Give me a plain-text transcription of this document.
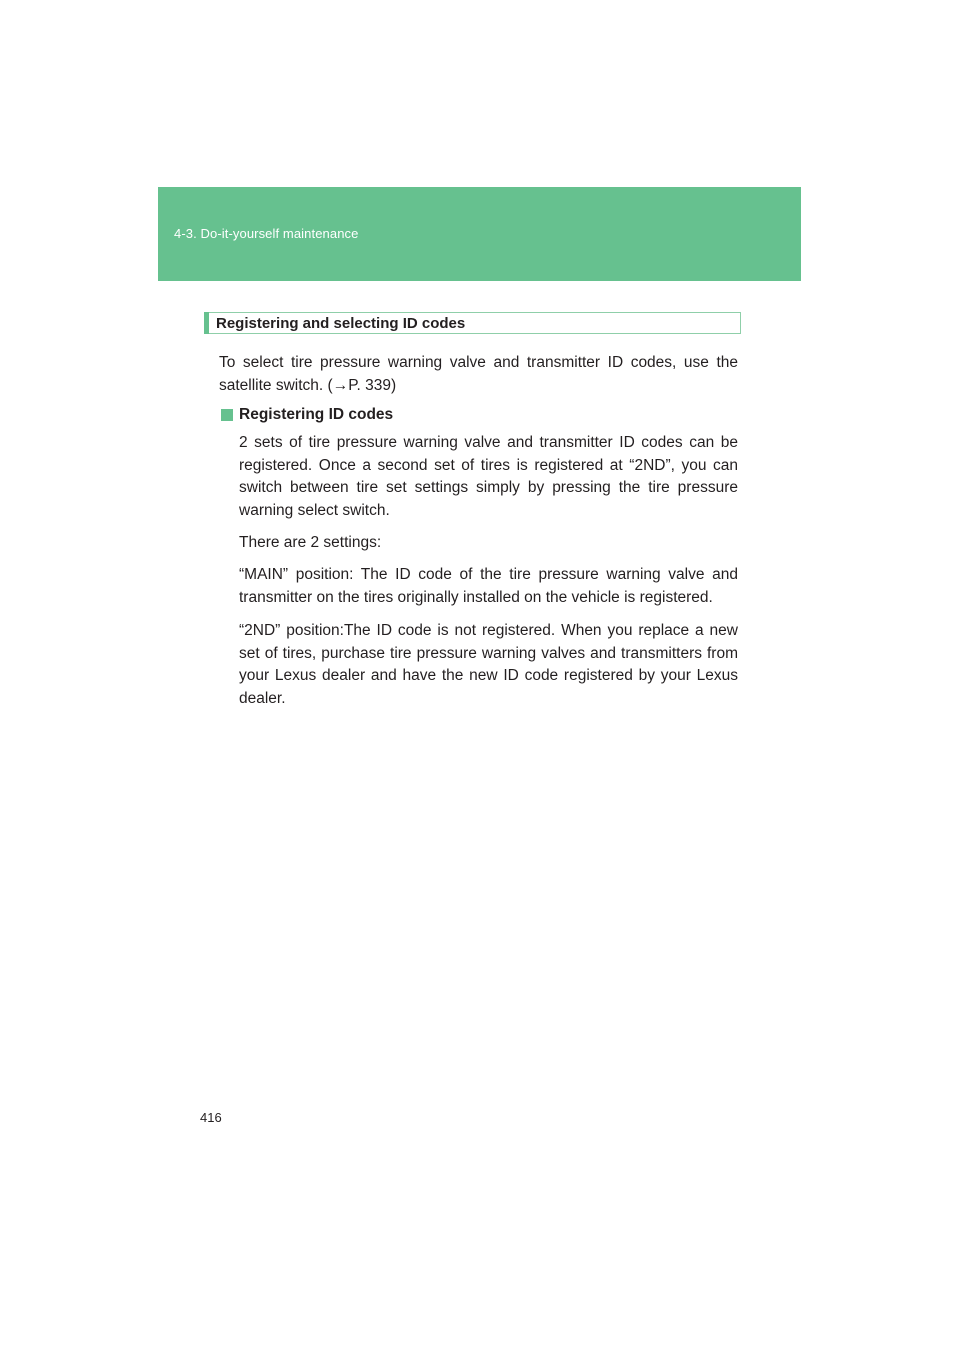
4-3. Do-it-yourself maintenance
Registering and selecting ID codes
To select tire pressure warning valve and transmitter ID codes, use the satellite switch. (→P. 339)
Registering ID codes
2 sets of tire pressure warning valve and transmitter ID codes can be registered. Once a second set of tires is registered at “2ND”, you can switch between tire set settings simply by pressing the tire pressure warning select switch.
There are 2 settings:
“MAIN” position: The ID code of the tire pressure warning valve and transmitter on the tires originally installed on the vehicle is registered.
“2ND” position:The ID code is not registered. When you replace a new set of tires, purchase tire pressure warning valves and transmitters from your Lexus dealer and have the new ID code registered by your Lexus dealer.
416
